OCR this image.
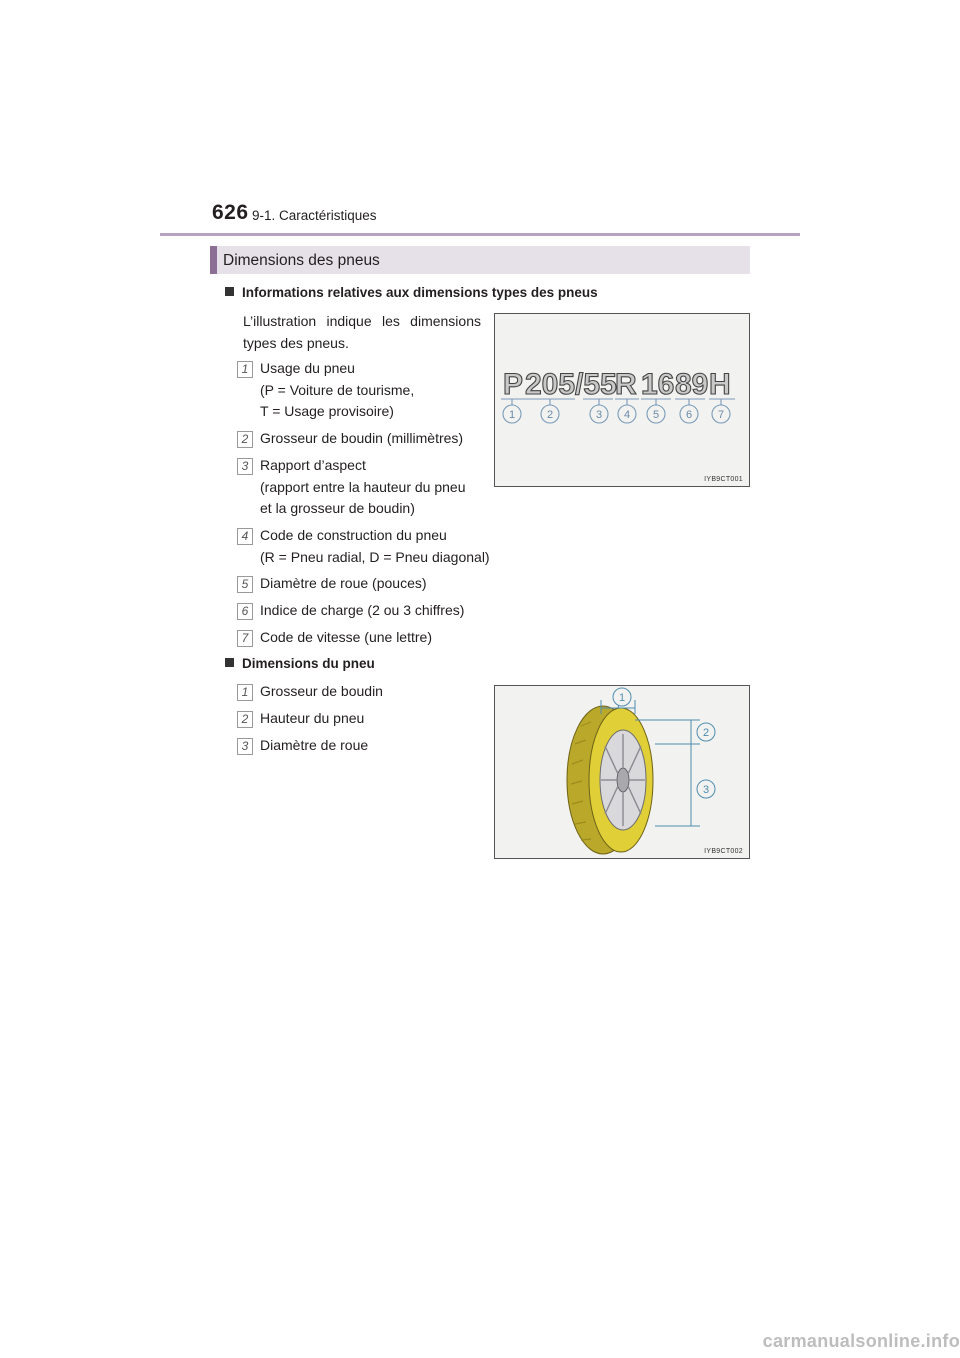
626 9-1. Caractéristiques
Dimensions des pneus
Informations relatives aux dimensions types des pneus
L’illustration indique les dimensions
types des pneus.
1 Usage du pneu
(P = Voiture de tourisme,
T = Usage provisoire)
2 Grosseur de boudin (millimètres)
3 Rapport d’aspect
(rapport entre la hauteur du pneu
et la grosseur de boudin)
4 Code de construction du pneu
(R = Pneu radial, D = Pneu diagonal)
5 Diamètre de roue (pouces)
6 Indice de charge (2 ou 3 chiffres)
7 Code de vitesse (une lettre)
P 205/55
R 16 89 H
1	2	3 4 5 6 7
IYB9CT001
Dimensions du pneu
1 Grosseur de boudin
2 Hauteur du pneu
3 Diamètre de roue
1
2
3
IYB9CT002
carmanualsonline.info
